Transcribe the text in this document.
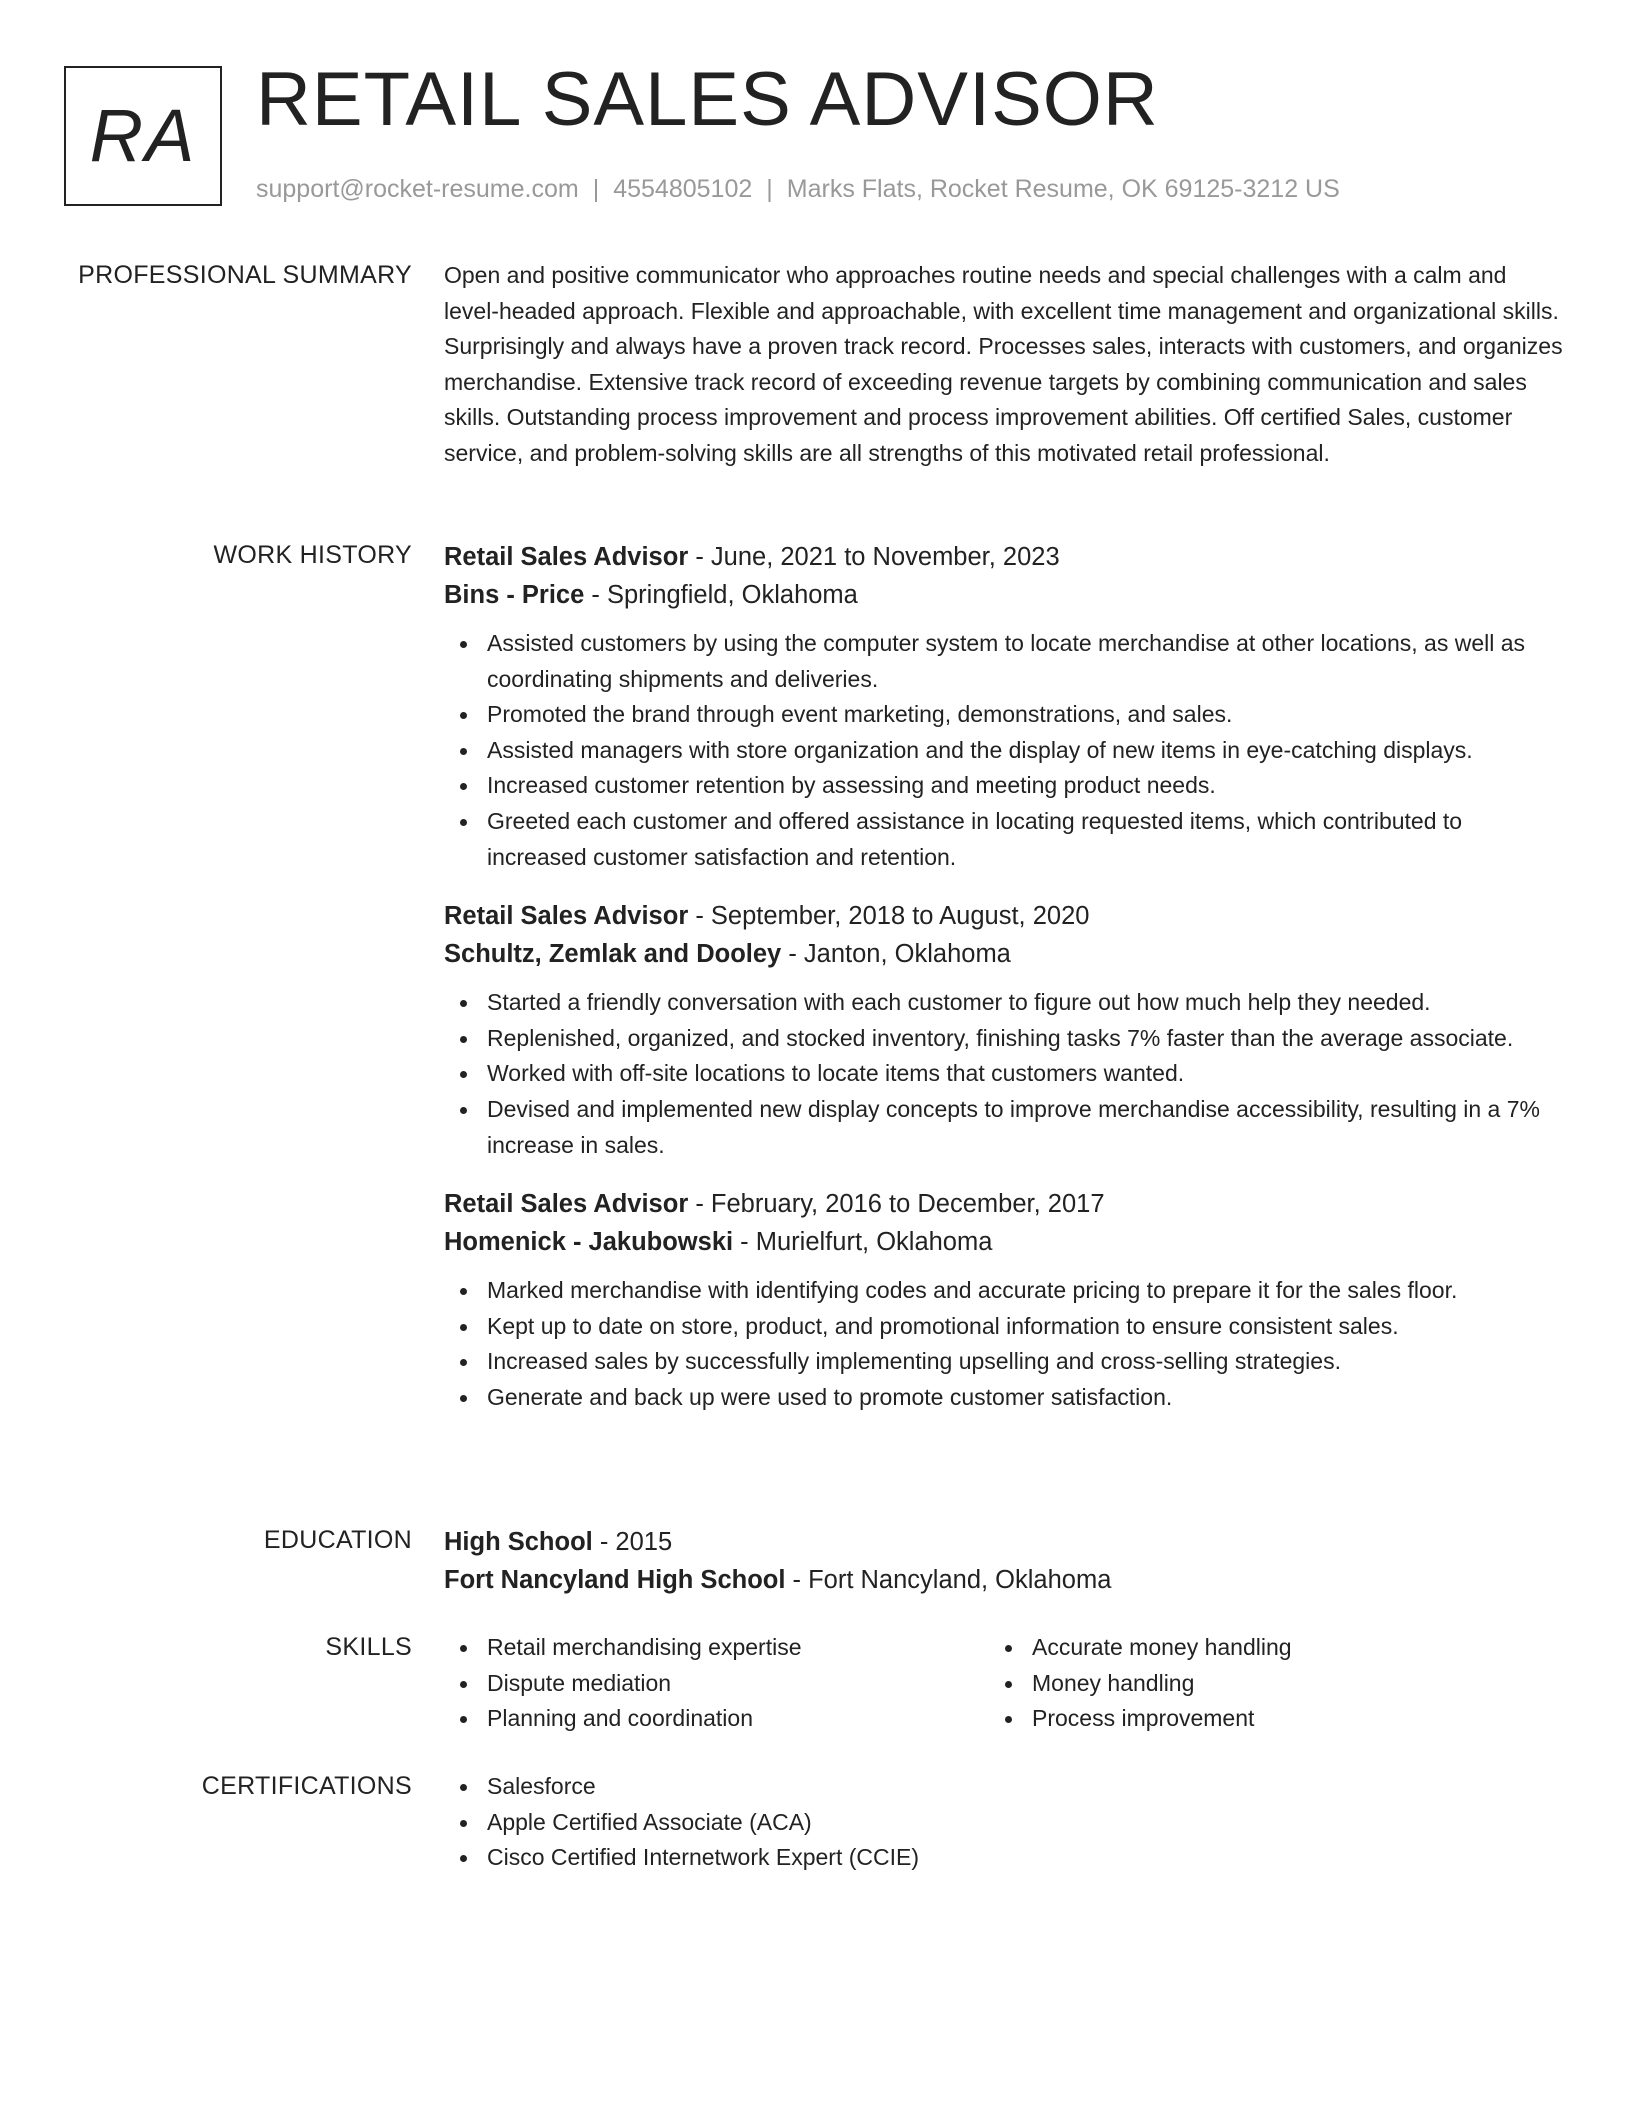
RA RETAIL SALES ADVISOR
support@rocket-resume.com | 4554805102 | Marks Flats, Rocket Resume, OK 69125-3212 US
PROFESSIONAL SUMMARY Open and positive communicator who approaches routine needs and special challenges with a calm and level-headed approach. Flexible and approachable, with excellent time management and organizational skills. Surprisingly and always have a proven track record. Processes sales, interacts with customers, and organizes merchandise. Extensive track record of exceeding revenue targets by combining communication and sales skills. Outstanding process improvement and process improvement abilities. Off certified Sales, customer service, and problem-solving skills are all strengths of this motivated retail professional.

WORK HISTORY Retail Sales Advisor - June, 2021 to November, 2023
Bins - Price - Springfield, Oklahoma
Assisted customers by using the computer system to locate merchandise at other locations, as well as coordinating shipments and deliveries.
Promoted the brand through event marketing, demonstrations, and sales.
Assisted managers with store organization and the display of new items in eye-catching displays.
Increased customer retention by assessing and meeting product needs.
Greeted each customer and offered assistance in locating requested items, which contributed to increased customer satisfaction and retention.
Retail Sales Advisor - September, 2018 to August, 2020
Schultz, Zemlak and Dooley - Janton, Oklahoma
Started a friendly conversation with each customer to figure out how much help they needed.
Replenished, organized, and stocked inventory, finishing tasks 7% faster than the average associate.
Worked with off-site locations to locate items that customers wanted.
Devised and implemented new display concepts to improve merchandise accessibility, resulting in a 7% increase in sales.
Retail Sales Advisor - February, 2016 to December, 2017
Homenick - Jakubowski - Murielfurt, Oklahoma
Marked merchandise with identifying codes and accurate pricing to prepare it for the sales floor.
Kept up to date on store, product, and promotional information to ensure consistent sales.
Increased sales by successfully implementing upselling and cross-selling strategies.
Generate and back up were used to promote customer satisfaction.
EDUCATION High School - 2015
Fort Nancyland High School - Fort Nancyland, Oklahoma
SKILLS	Retail merchandising expertise
Dispute mediation
Planning and coordination
Accurate money handling
Money handling
Process improvement
CERTIFICATIONS	Salesforce
Apple Certified Associate (ACA)
Cisco Certified Internetwork Expert (CCIE)
